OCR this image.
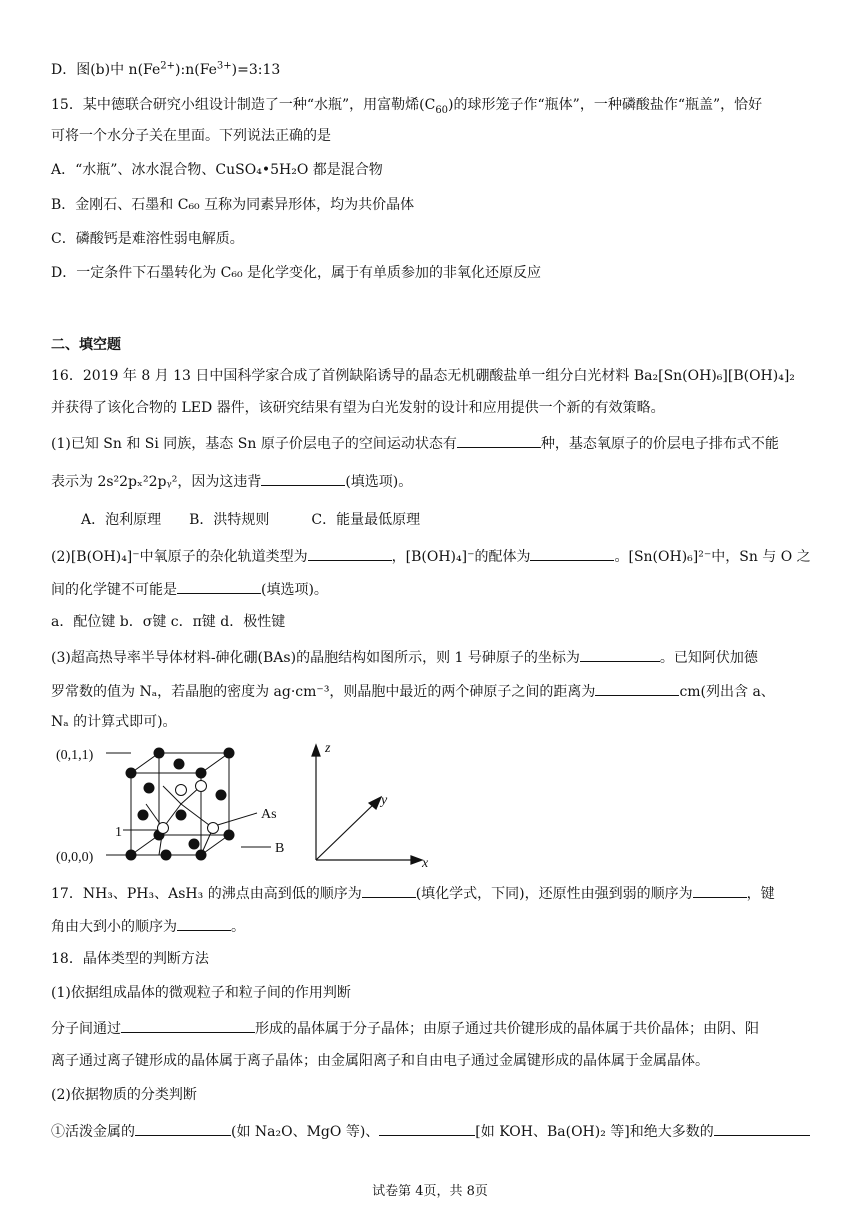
D．图(b)中 $n(Fe^{2+}):n(Fe^{3+})=3:13$
15．某中德联合研究小组设计制造了一种“水瓶”，用富勒烯$(C_{60})$的球形笼子作“瓶体”，一种磷酸盐作“瓶盖”，恰好
可将一个水分子关在里面。下列说法正确的是
A．“水瓶”、冰水混合物、CuSO₄•5H₂O 都是混合物
B．金刚石、石墨和 C₆₀ 互称为同素异形体，均为共价晶体
C．磷酸钙是难溶性弱电解质。
D．一定条件下石墨转化为 C₆₀ 是化学变化，属于有单质参加的非氧化还原反应
二、填空题
16．2019 年 8 月 13 日中国科学家合成了首例缺陷诱导的晶态无机硼酸盐单一组分白光材料 Ba₂[Sn(OH)₆][B(OH)₄]₂
并获得了该化合物的 LED 器件，该研究结果有望为白光发射的设计和应用提供一个新的有效策略。
(1)已知 Sn 和 Si 同族，基态 Sn 原子价层电子的空间运动状态有	种，基态氧原子的价层电子排布式不能
表示为 2s²2pₓ²2pᵧ²，因为这违背	(填选项)。
A．泡利原理　　B．洪特规则　　　C．能量最低原理
(2)[B(OH)₄]⁻中氧原子的杂化轨道类型为	，[B(OH)₄]⁻的配体为	。[Sn(OH)₆]²⁻中，Sn 与 O 之
间的化学键不可能是	(填选项)。
a．配位键 b．σ键 c．π键 d．极性键
(3)超高热导率半导体材料-砷化硼(BAs)的晶胞结构如图所示，则 1 号砷原子的坐标为	。已知阿伏加德
罗常数的值为 Nₐ，若晶胞的密度为 ag·cm⁻³，则晶胞中最近的两个砷原子之间的距离为	cm(列出含 a、
Nₐ 的计算式即可)。
(0,1,1)
(0,0,0)
1
As
B
z
y
x
17．NH₃、PH₃、AsH₃ 的沸点由高到低的顺序为	(填化学式，下同)，还原性由强到弱的顺序为	，键
角由大到小的顺序为	。
18．晶体类型的判断方法
(1)依据组成晶体的微观粒子和粒子间的作用判断
分子间通过	形成的晶体属于分子晶体；由原子通过共价键形成的晶体属于共价晶体；由阴、阳
离子通过离子键形成的晶体属于离子晶体；由金属阳离子和自由电子通过金属键形成的晶体属于金属晶体。
(2)依据物质的分类判断
①活泼金属的	(如 Na₂O、MgO 等)、	[如 KOH、Ba(OH)₂ 等]和绝大多数的
试卷第 4页，共 8页
